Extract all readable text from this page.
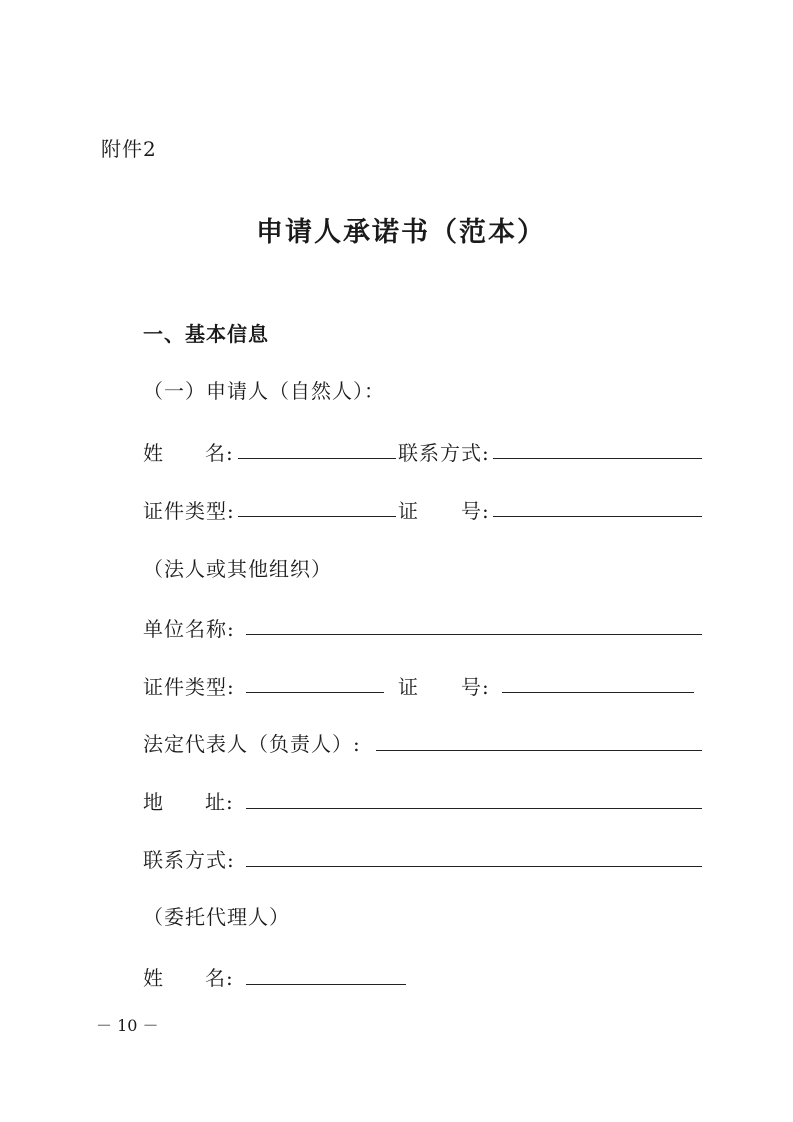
附件2
申请人承诺书（范本）
一、基本信息
（一）申请人（自然人）：
姓 名:	联系方式:
证件类型:	证 号:
（法人或其他组织）
单位名称:
证件类型:	证 号:
法定代表人（负责人）:
地 址:
联系方式:
（委托代理人）
姓 名:
－ 10 －
